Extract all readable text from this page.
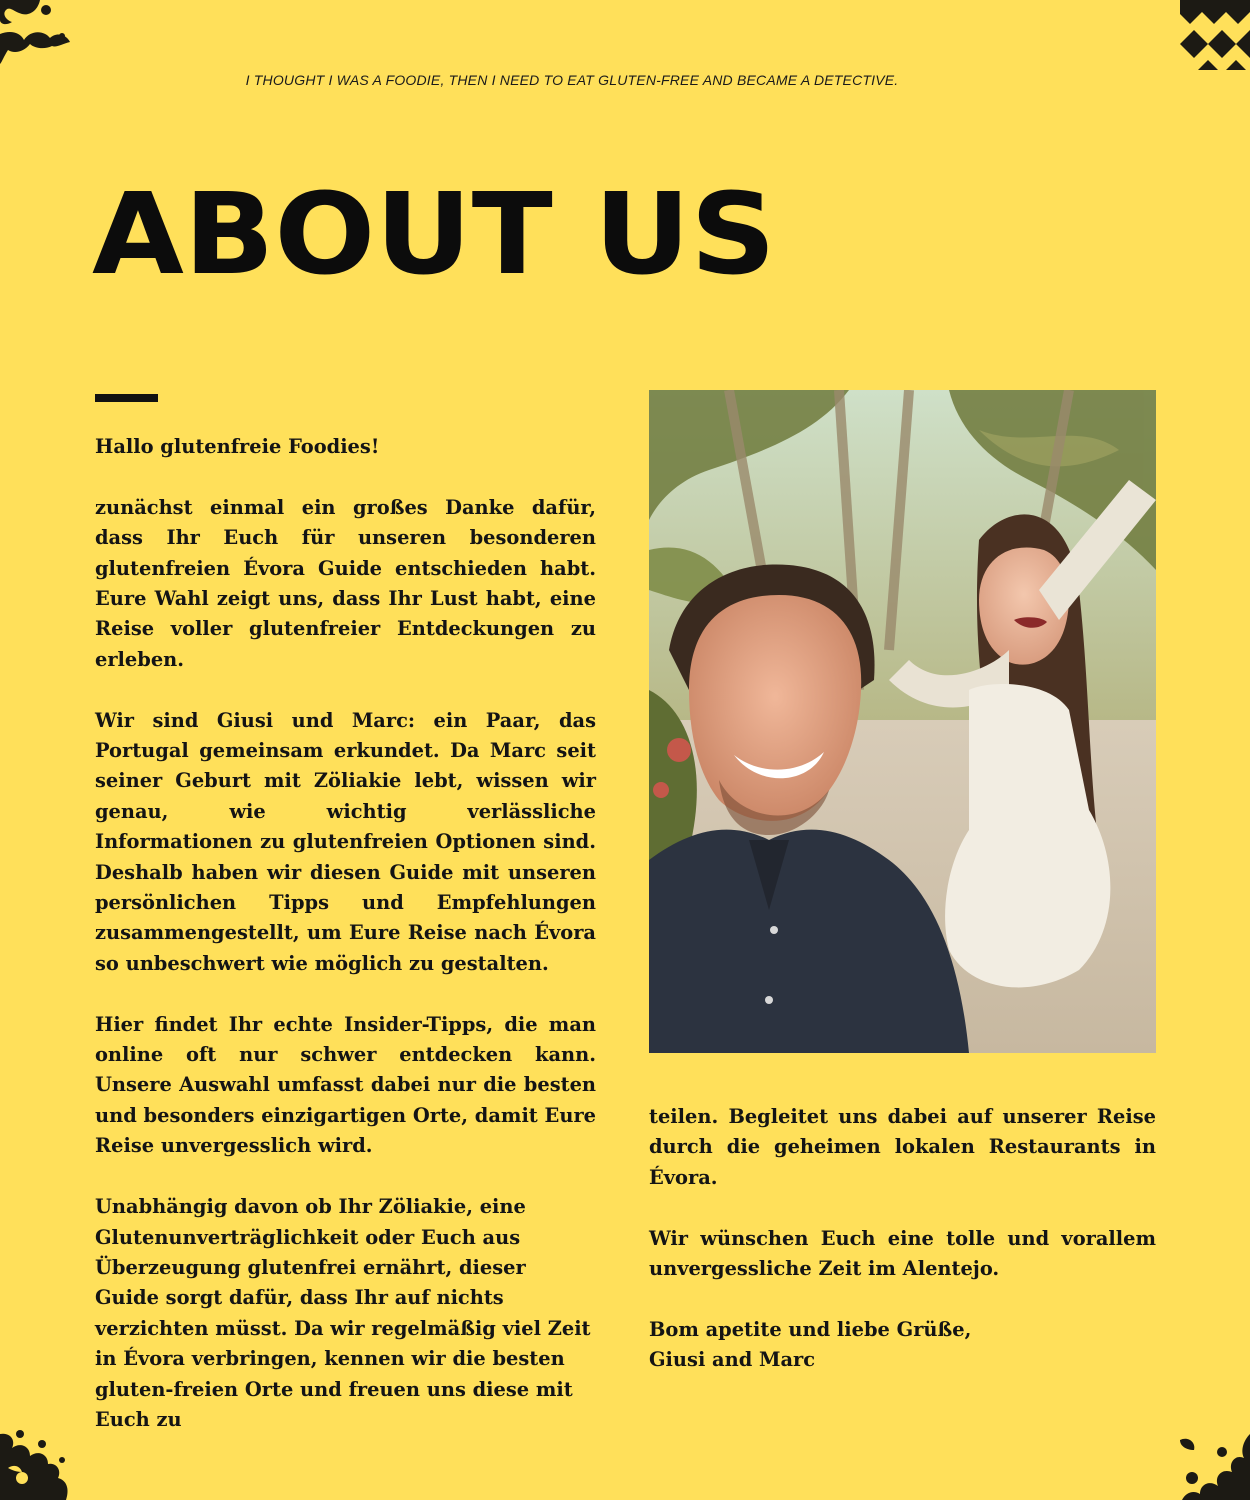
I THOUGHT I WAS A FOODIE, THEN I NEED TO EAT GLUTEN-FREE AND BECAME A DETECTIVE.
ABOUT US

Hallo glutenfreie Foodies!

zunächst einmal ein großes Danke dafür, dass Ihr Euch für unseren besonderen glutenfreien Évora Guide entschieden habt. Eure Wahl zeigt uns, dass Ihr Lust habt, eine Reise voller glutenfreier Entdeckungen zu erleben.

Wir sind Giusi und Marc: ein Paar, das Portugal gemeinsam erkundet. Da Marc seit seiner Geburt mit Zöliakie lebt, wissen wir genau, wie wichtig verlässliche Informationen zu glutenfreien Optionen sind. Deshalb haben wir diesen Guide mit unseren persönlichen Tipps und Empfehlungen zusammengestellt, um Eure Reise nach Évora so unbeschwert wie möglich zu gestalten.

Hier findet Ihr echte Insider-Tipps, die man online oft nur schwer entdecken kann. Unsere Auswahl umfasst dabei nur die besten und besonders einzigartigen Orte, damit Eure Reise unvergesslich wird.

Unabhängig davon ob Ihr Zöliakie, eine Glutenunverträglichkeit oder Euch aus Überzeugung glutenfrei ernährt, dieser Guide sorgt dafür, dass Ihr auf nichts verzichten müsst. Da wir regelmäßig viel Zeit in Évora verbringen, kennen wir die besten gluten-freien Orte und freuen uns diese mit Euch zu

teilen. Begleitet uns dabei auf unserer Reise durch die geheimen lokalen Restaurants in Évora.

Wir wünschen Euch eine tolle und vorallem unvergessliche Zeit im Alentejo.

Bom apetite und liebe Grüße,
Giusi and Marc
